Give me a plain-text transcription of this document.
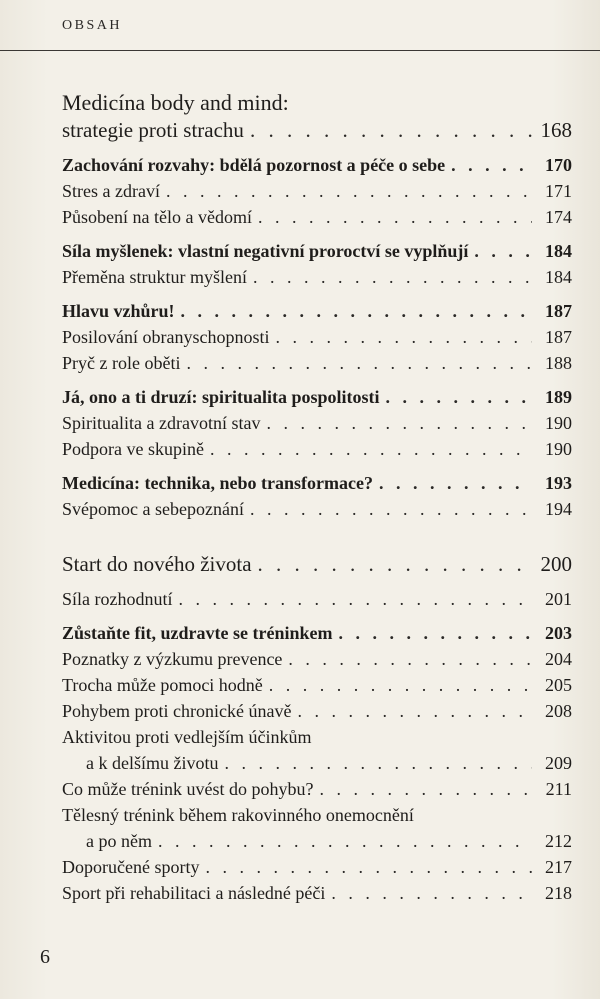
OBSAH
Medicína body and mind:
strategie proti strachu . . .	168
Zachování rozvahy: bdělá pozornost a péče o sebe . . .	170
Stres a zdraví . . .	171
Působení na tělo a vědomí . . .	174
Síla myšlenek: vlastní negativní proroctví se vyplňují . . .	184
Přeměna struktur myšlení . . .	184
Hlavu vzhůru! . . .	187
Posilování obranyschopnosti . . .	187
Pryč z role oběti . . .	188
Já, ono a ti druzí: spiritualita pospolitosti . . .	189
Spiritualita a zdravotní stav . . .	190
Podpora ve skupině . . .	190
Medicína: technika, nebo transformace? . . .	193
Svépomoc a sebepoznání . . .	194
Start do nového života . . .	200
Síla rozhodnutí . . .	201
Zůstaňte fit, uzdravte se tréninkem . . .	203
Poznatky z výzkumu prevence . . .	204
Trocha může pomoci hodně . . .	205
Pohybem proti chronické únavě . . .	208
Aktivitou proti vedlejším účinkům
a k delšímu životu . . .	209
Co může trénink uvést do pohybu? . . .	211
Tělesný trénink během rakovinného onemocnění
a po něm . . .	212
Doporučené sporty . . .	217
Sport při rehabilitaci a následné péči . . .	218
6
